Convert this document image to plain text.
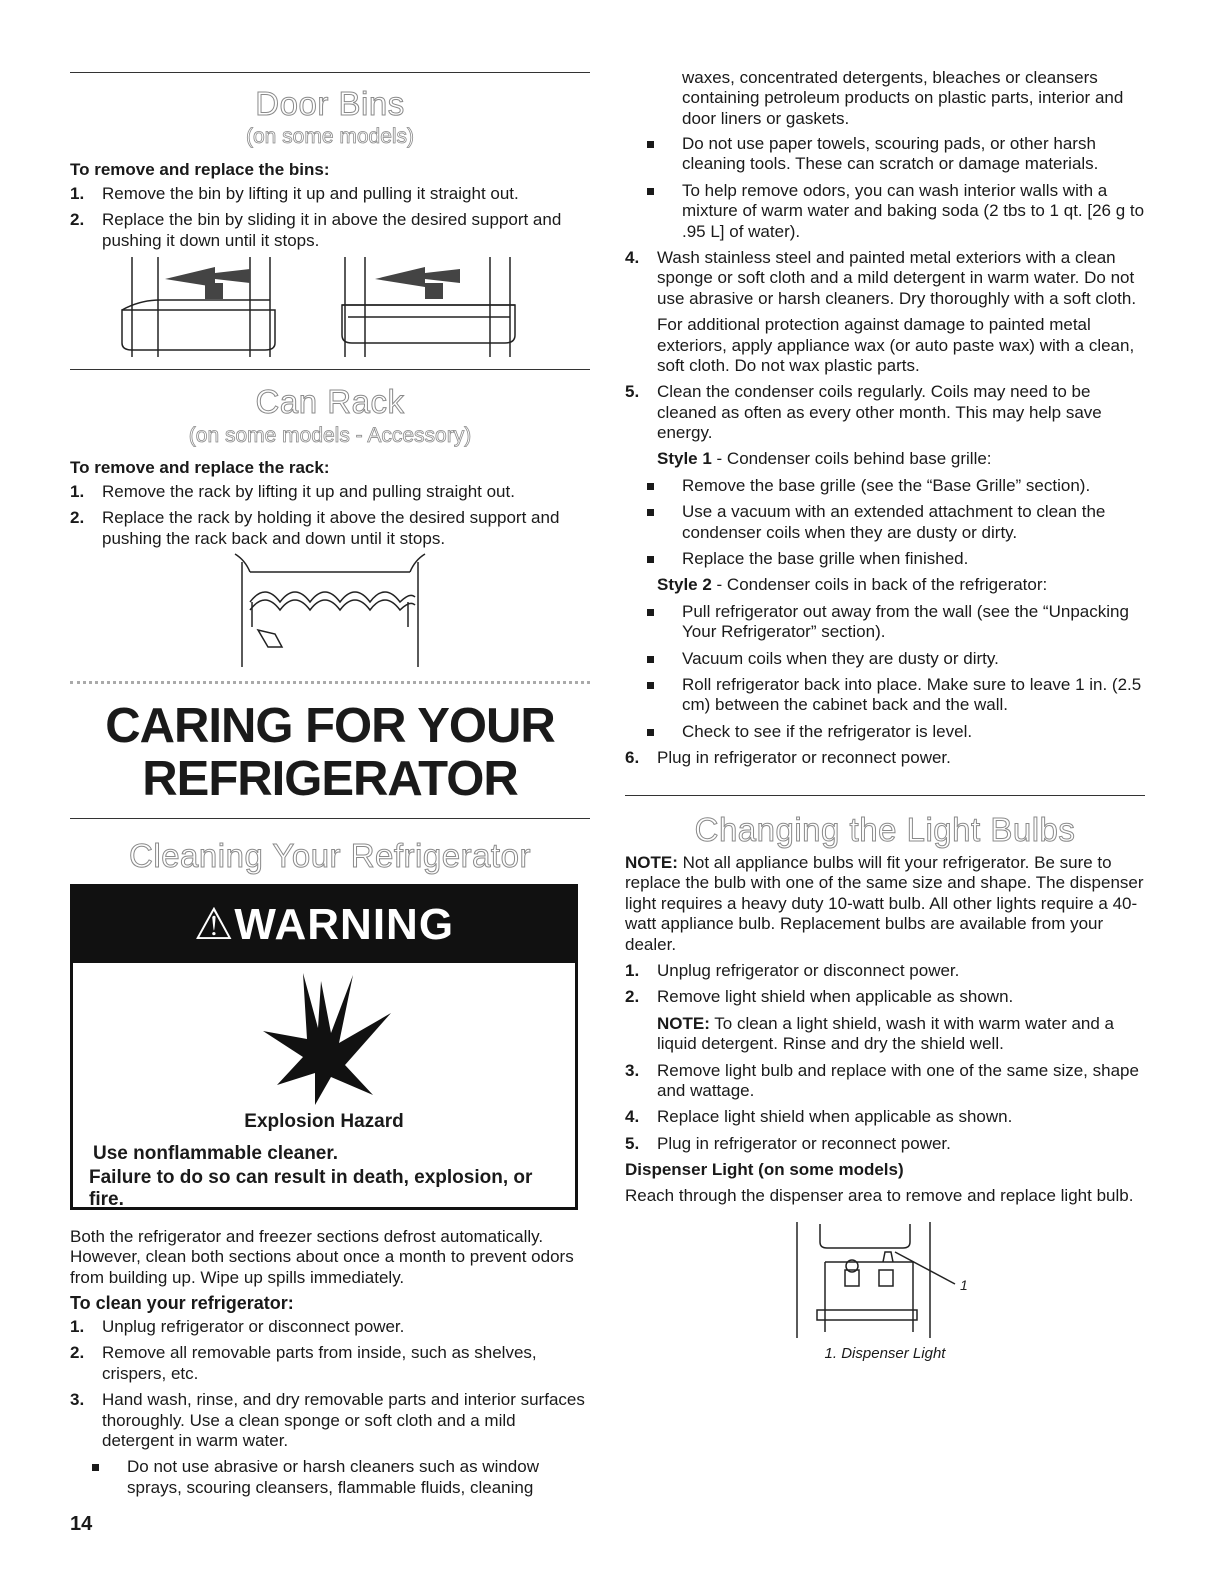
Door Bins
(on some models)
To remove and replace the bins:
1. Remove the bin by lifting it up and pulling it straight out.
2. Replace the bin by sliding it in above the desired support and pushing it down until it stops.
Can Rack
(on some models - Accessory)
To remove and replace the rack:
1. Remove the rack by lifting it up and pulling straight out.
2. Replace the rack by holding it above the desired support and pushing the rack back and down until it stops.
CARING FOR YOUR
REFRIGERATOR
Cleaning Your Refrigerator
⚠WARNING
Explosion Hazard
Use nonflammable cleaner.
Failure to do so can result in death, explosion, or fire.
Both the refrigerator and freezer sections defrost automatically. However, clean both sections about once a month to prevent odors from building up. Wipe up spills immediately.
To clean your refrigerator:
1. Unplug refrigerator or disconnect power.
2. Remove all removable parts from inside, such as shelves, crispers, etc.
3. Hand wash, rinse, and dry removable parts and interior surfaces thoroughly. Use a clean sponge or soft cloth and a mild detergent in warm water.
Do not use abrasive or harsh cleaners such as window sprays, scouring cleansers, flammable fluids, cleaning
14
waxes, concentrated detergents, bleaches or cleansers containing petroleum products on plastic parts, interior and door liners or gaskets.
Do not use paper towels, scouring pads, or other harsh cleaning tools. These can scratch or damage materials.
To help remove odors, you can wash interior walls with a mixture of warm water and baking soda (2 tbs to 1 qt. [26 g to .95 L] of water).
4. Wash stainless steel and painted metal exteriors with a clean sponge or soft cloth and a mild detergent in warm water. Do not use abrasive or harsh cleaners. Dry thoroughly with a soft cloth.
For additional protection against damage to painted metal exteriors, apply appliance wax (or auto paste wax) with a clean, soft cloth. Do not wax plastic parts.
5. Clean the condenser coils regularly. Coils may need to be cleaned as often as every other month. This may help save energy.
Style 1 - Condenser coils behind base grille:
Remove the base grille (see the “Base Grille” section).
Use a vacuum with an extended attachment to clean the condenser coils when they are dusty or dirty.
Replace the base grille when finished.
Style 2 - Condenser coils in back of the refrigerator:
Pull refrigerator out away from the wall (see the “Unpacking Your Refrigerator” section).
Vacuum coils when they are dusty or dirty.
Roll refrigerator back into place. Make sure to leave 1 in. (2.5 cm) between the cabinet back and the wall.
Check to see if the refrigerator is level.
6. Plug in refrigerator or reconnect power.
Changing the Light Bulbs
NOTE: Not all appliance bulbs will fit your refrigerator. Be sure to replace the bulb with one of the same size and shape. The dispenser light requires a heavy duty 10-watt bulb. All other lights require a 40-watt appliance bulb. Replacement bulbs are available from your dealer.
1. Unplug refrigerator or disconnect power.
2. Remove light shield when applicable as shown.
NOTE: To clean a light shield, wash it with warm water and a liquid detergent. Rinse and dry the shield well.
3. Remove light bulb and replace with one of the same size, shape and wattage.
4. Replace light shield when applicable as shown.
5. Plug in refrigerator or reconnect power.
Dispenser Light (on some models)
Reach through the dispenser area to remove and replace light bulb.
1
1. Dispenser Light
